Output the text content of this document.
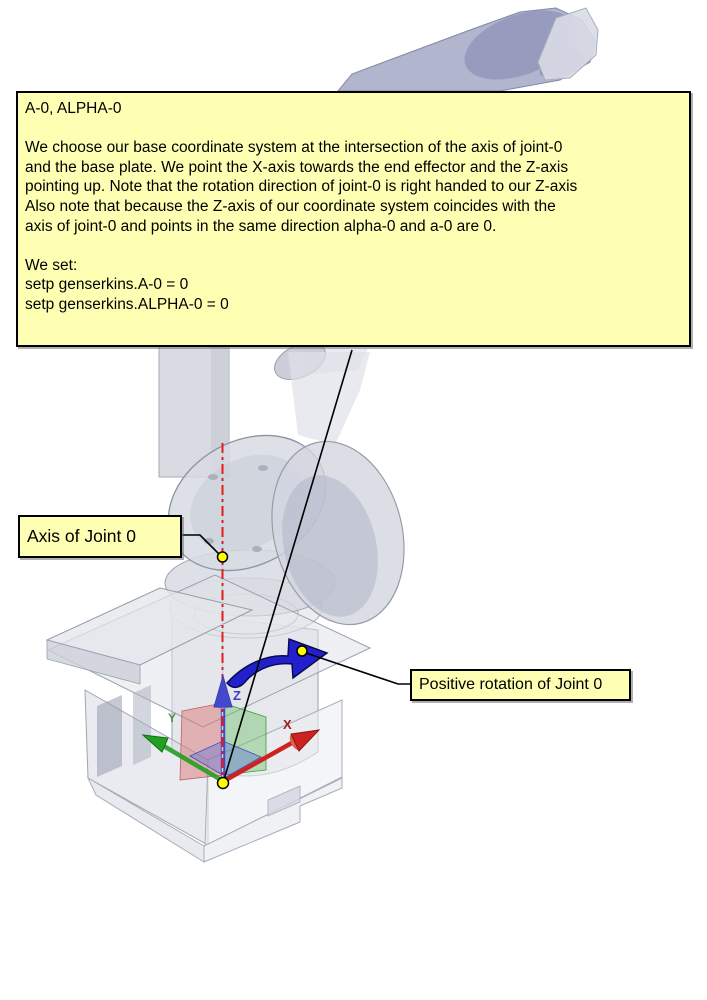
Y	X
Z
A-0, ALPHA-0
We choose our base coordinate system at the intersection of the axis of joint-0
and the base plate. We point the X-axis towards the end effector and the Z-axis
pointing up. Note that the rotation direction of joint-0 is right handed to our Z-axis
Also note that because the Z-axis of our coordinate system coincides with the
axis of joint-0 and points in the same direction alpha-0 and a-0 are 0.
We set:
setp genserkins.A-0 = 0
setp genserkins.ALPHA-0 = 0
Axis of Joint 0
Positive rotation of Joint 0
